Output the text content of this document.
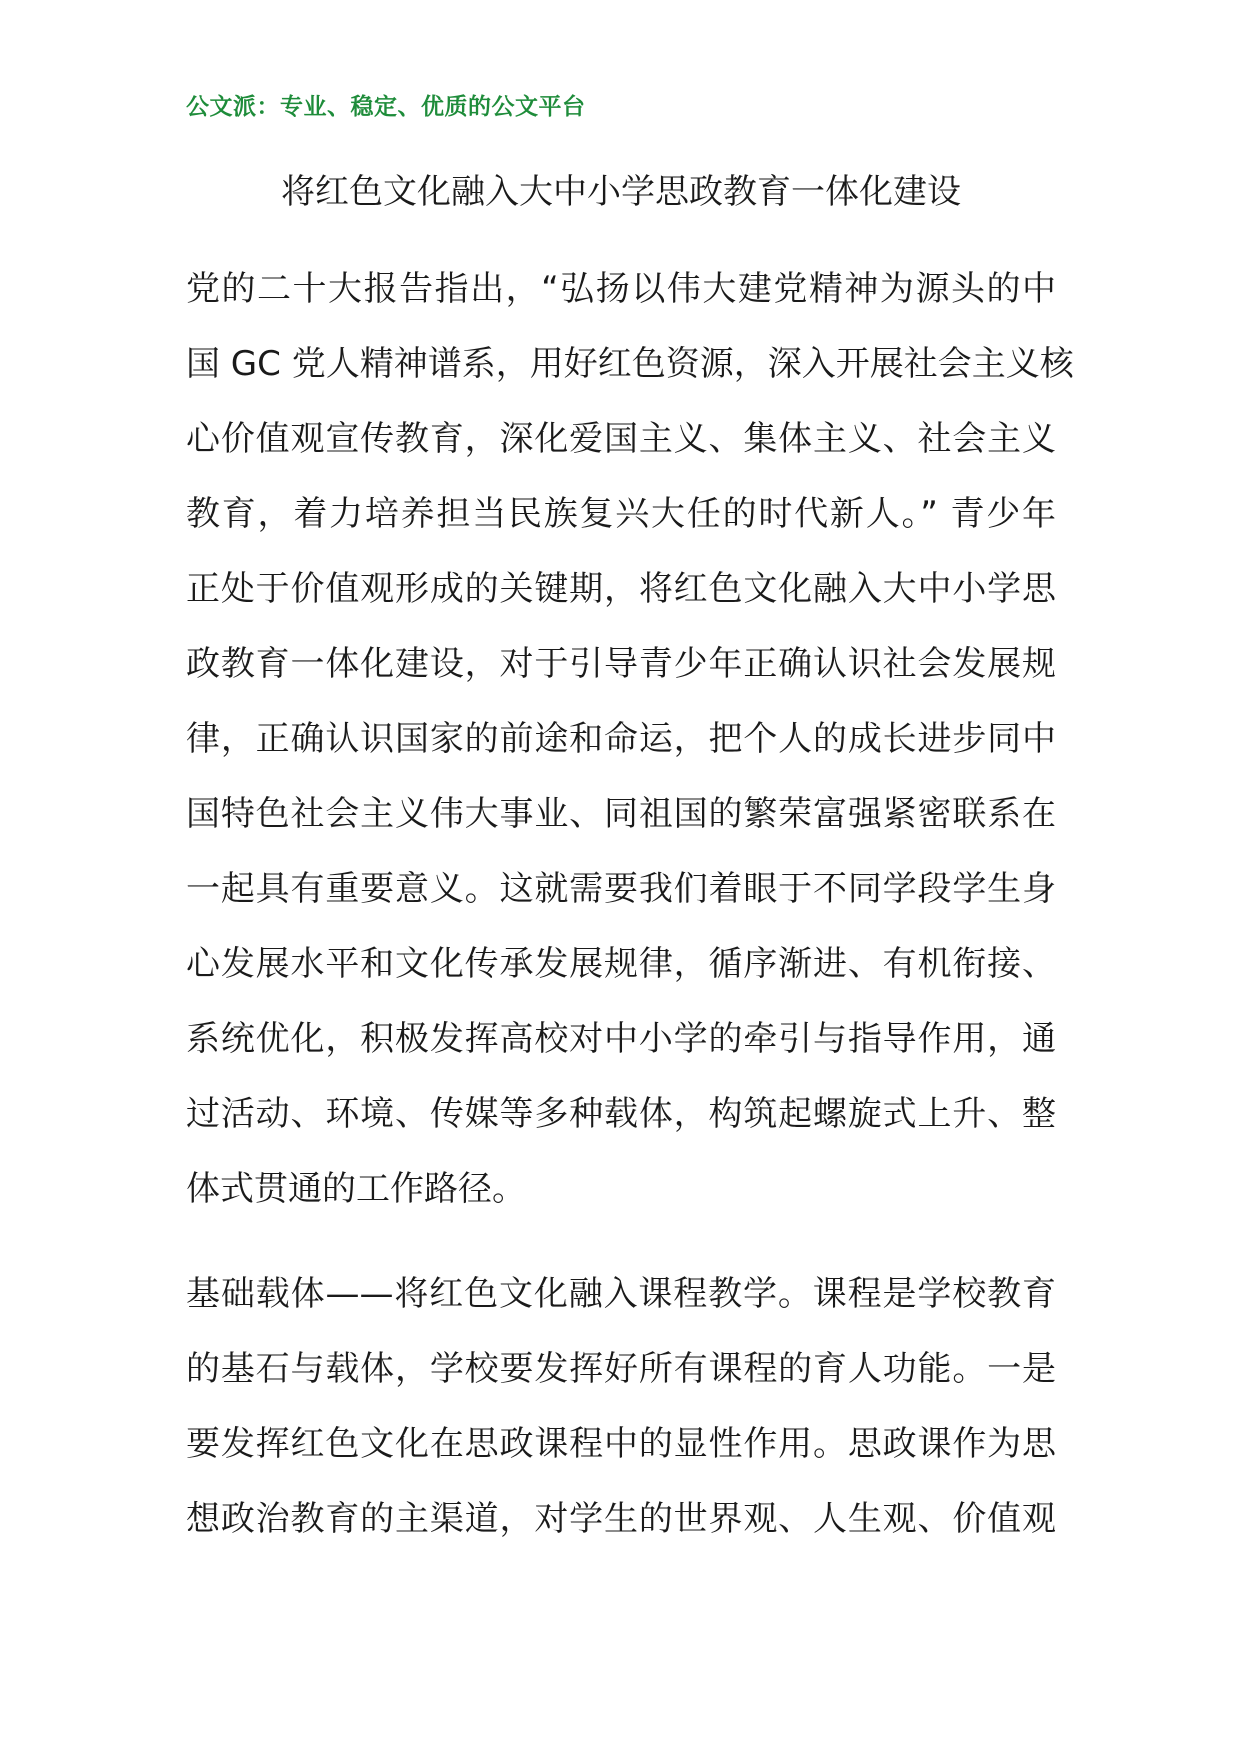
公文派：专业、稳定、优质的公文平台
将红色文化融入大中小学思政教育一体化建设

党的二十大报告指出，“弘扬以伟大建党精神为源头的中
国 GC 党人精神谱系，用好红色资源，深入开展社会主义核
心价值观宣传教育，深化爱国主义、集体主义、社会主义
教育，着力培养担当民族复兴大任的时代新人。” 青少年
正处于价值观形成的关键期，将红色文化融入大中小学思
政教育一体化建设，对于引导青少年正确认识社会发展规
律，正确认识国家的前途和命运，把个人的成长进步同中
国特色社会主义伟大事业、同祖国的繁荣富强紧密联系在
一起具有重要意义。这就需要我们着眼于不同学段学生身
心发展水平和文化传承发展规律，循序渐进、有机衔接、
系统优化，积极发挥高校对中小学的牵引与指导作用，通
过活动、环境、传媒等多种载体，构筑起螺旋式上升、整
体式贯通的工作路径。

基础载体——将红色文化融入课程教学。课程是学校教育
的基石与载体，学校要发挥好所有课程的育人功能。一是
要发挥红色文化在思政课程中的显性作用。思政课作为思
想政治教育的主渠道，对学生的世界观、人生观、价值观
